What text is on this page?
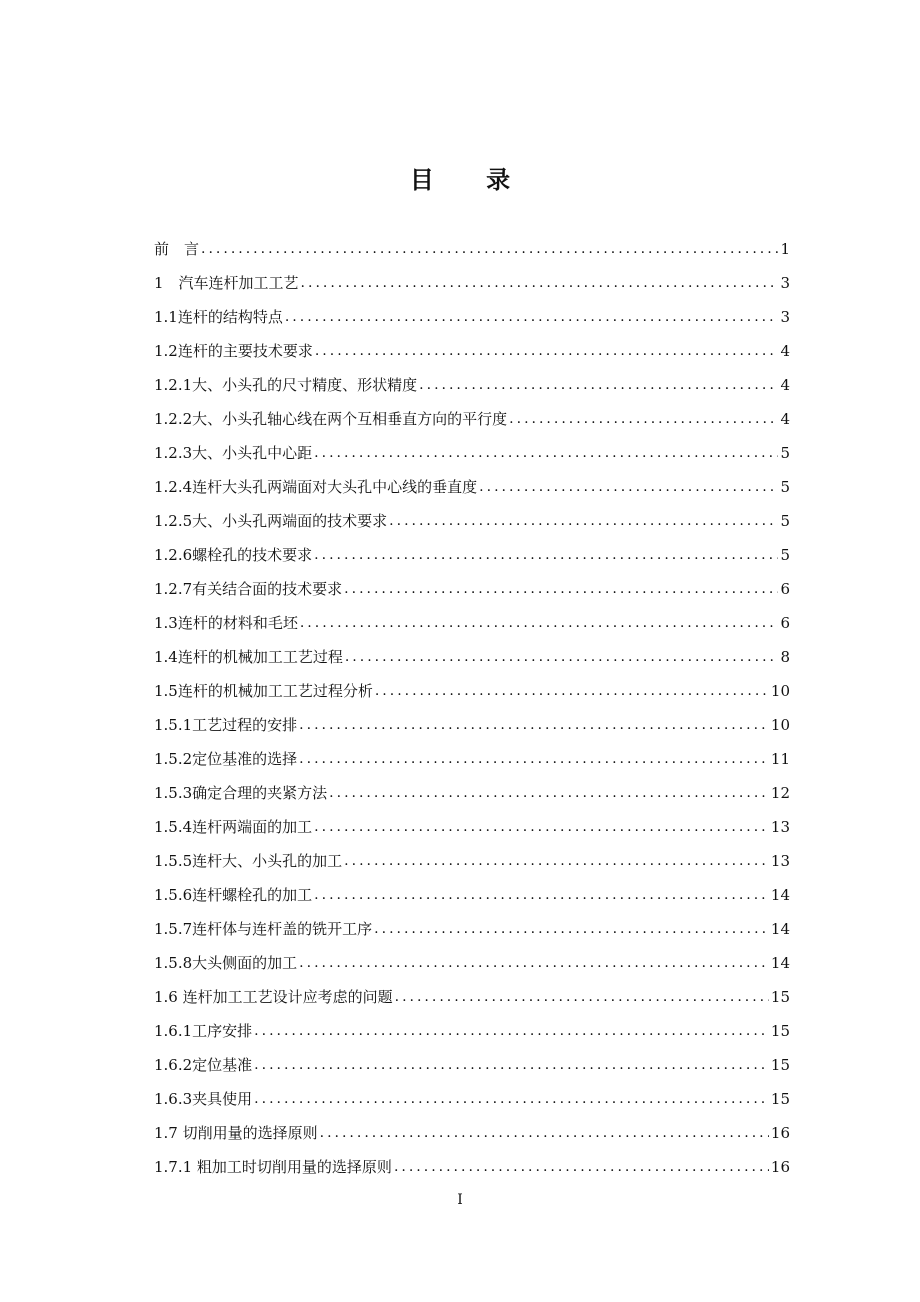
目 录
前　言 .....	1
1　汽车连杆加工工艺 .....	3
1.1连杆的结构特点 .....	3
1.2连杆的主要技术要求 .....	4
1.2.1大、小头孔的尺寸精度、形状精度 .....	4
1.2.2大、小头孔轴心线在两个互相垂直方向的平行度 .....	4
1.2.3大、小头孔中心距 .....	5
1.2.4连杆大头孔两端面对大头孔中心线的垂直度 .....	5
1.2.5大、小头孔两端面的技术要求 .....	5
1.2.6螺栓孔的技术要求 .....	5
1.2.7有关结合面的技术要求 .....	6
1.3连杆的材料和毛坯 .....	6
1.4连杆的机械加工工艺过程 .....	8
1.5连杆的机械加工工艺过程分析 .....	10
1.5.1工艺过程的安排 .....	10
1.5.2定位基准的选择 .....	11
1.5.3确定合理的夹紧方法 .....	12
1.5.4连杆两端面的加工 .....	13
1.5.5连杆大、小头孔的加工 .....	13
1.5.6连杆螺栓孔的加工 .....	14
1.5.7连杆体与连杆盖的铣开工序 .....	14
1.5.8大头侧面的加工 .....	14
1.6 连杆加工工艺设计应考虑的问题 .....	15
1.6.1工序安排 .....	15
1.6.2定位基准 .....	15
1.6.3夹具使用 .....	15
1.7 切削用量的选择原则 .....	16
1.7.1 粗加工时切削用量的选择原则 .....	16
I
